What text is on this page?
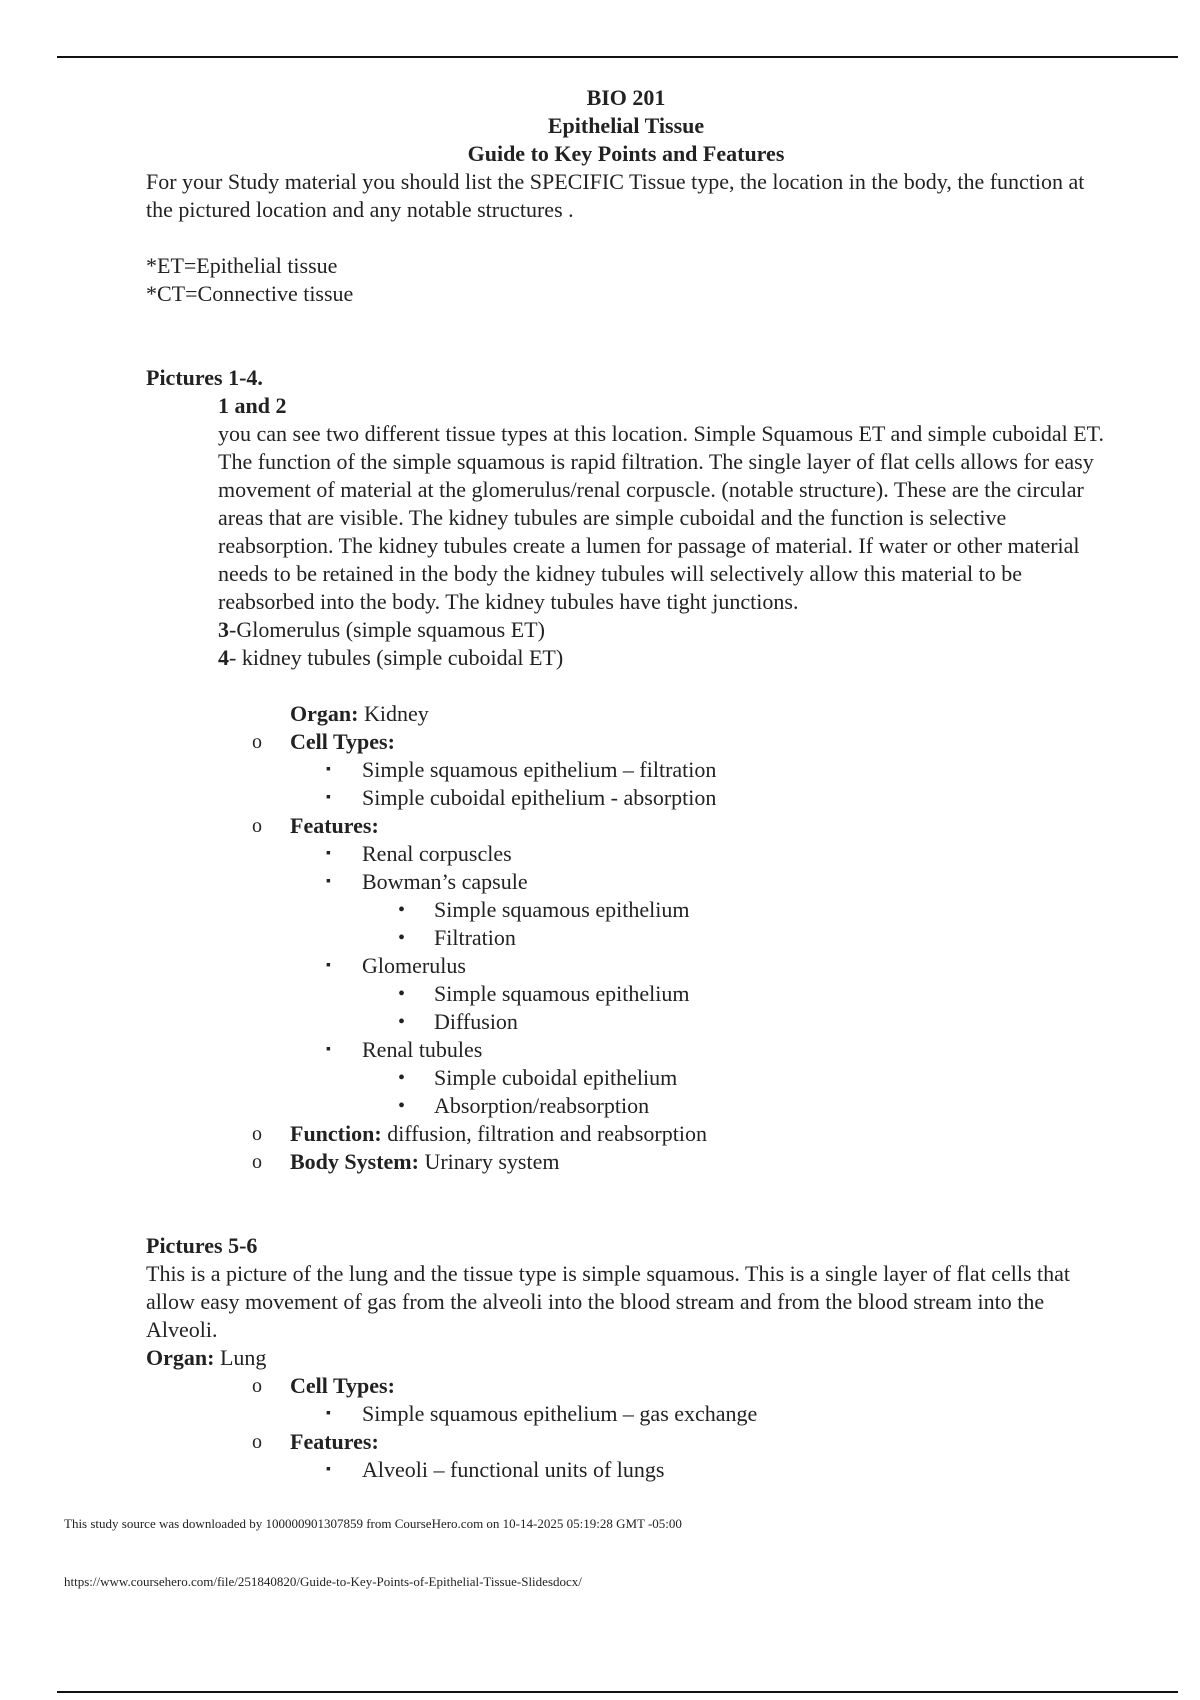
BIO 201
Epithelial Tissue
Guide to Key Points and Features

For your Study material you should list the SPECIFIC Tissue type, the location in the body, the function at the pictured location and any notable structures .

*ET=Epithelial tissue
*CT=Connective tissue
Pictures 1-4.
1 and 2

you can see two different tissue types at this location. Simple Squamous ET and simple cuboidal ET. The function of the simple squamous is rapid filtration. The single layer of flat cells allows for easy movement of material at the glomerulus/renal corpuscle. (notable structure). These are the circular areas that are visible. The kidney tubules are simple cuboidal and the function is selective reabsorption. The kidney tubules create a lumen for passage of material. If water or other material needs to be retained in the body the kidney tubules will selectively allow this material to be reabsorbed into the body. The kidney tubules have tight junctions.

3-Glomerulus (simple squamous ET)
4- kidney tubules (simple cuboidal ET)
Organ: Kidney
o Cell Types:
▪ Simple squamous epithelium – filtration
▪ Simple cuboidal epithelium - absorption
o Features:
▪ Renal corpuscles
▪ Bowman’s capsule
• Simple squamous epithelium
• Filtration
▪ Glomerulus
• Simple squamous epithelium
• Diffusion
▪ Renal tubules
• Simple cuboidal epithelium
• Absorption/reabsorption
o Function: diffusion, filtration and reabsorption
o Body System: Urinary system
Pictures 5-6

This is a picture of the lung and the tissue type is simple squamous. This is a single layer of flat cells that allow easy movement of gas from the alveoli into the blood stream and from the blood stream into the Alveoli.

Organ: Lung
o Cell Types:
▪ Simple squamous epithelium – gas exchange
o Features:
▪ Alveoli – functional units of lungs
This study source was downloaded by 100000901307859 from CourseHero.com on 10-14-2025 05:19:28 GMT -05:00
https://www.coursehero.com/file/251840820/Guide-to-Key-Points-of-Epithelial-Tissue-Slidesdocx/
